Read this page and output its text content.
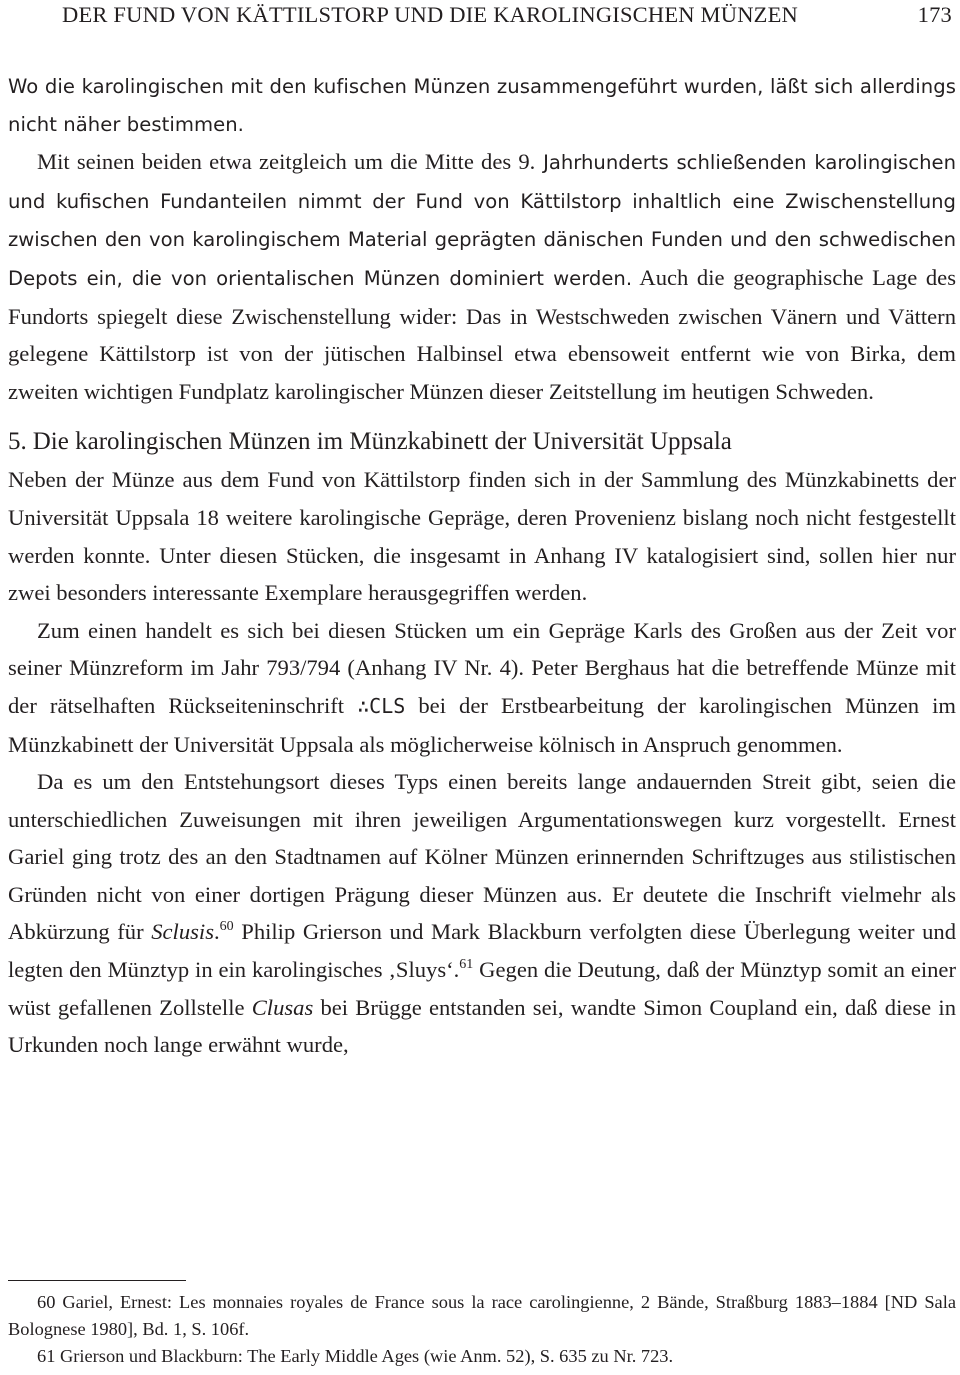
DER FUND VON KÄTTILSTORP UND DIE KAROLINGISCHEN MÜNZEN	173

Wo die karolingischen mit den kufischen Münzen zusammengeführt wurden, läßt sich allerdings nicht näher bestimmen.

Mit seinen beiden etwa zeitgleich um die Mitte des 9. Jahrhunderts schließenden karolingischen und kufischen Fundanteilen nimmt der Fund von Kättilstorp inhaltlich eine Zwischenstellung zwischen den von karolingischem Material geprägten dänischen Funden und den schwedischen Depots ein, die von orientalischen Münzen dominiert werden. Auch die geographische Lage des Fundorts spiegelt diese Zwischenstellung wider: Das in Westschweden zwischen Vänern und Vättern gelegene Kättilstorp ist von der jütischen Halbinsel etwa ebensoweit entfernt wie von Birka, dem zweiten wichtigen Fundplatz karolingischer Münzen dieser Zeitstellung im heutigen Schweden.

5. Die karolingischen Münzen im Münzkabinett der Universität Uppsala

Neben der Münze aus dem Fund von Kättilstorp finden sich in der Sammlung des Münzkabinetts der Universität Uppsala 18 weitere karolingische Gepräge, deren Provenienz bislang noch nicht festgestellt werden konnte. Unter diesen Stücken, die insgesamt in Anhang IV katalogisiert sind, sollen hier nur zwei besonders interessante Exemplare herausgegriffen werden.

Zum einen handelt es sich bei diesen Stücken um ein Gepräge Karls des Großen aus der Zeit vor seiner Münzreform im Jahr 793/794 (Anhang IV Nr. 4). Peter Berghaus hat die betreffende Münze mit der rätselhaften Rückseiteninschrift ∴CLS bei der Erstbearbeitung der karolingischen Münzen im Münzkabinett der Universität Uppsala als möglicherweise kölnisch in Anspruch genommen.

Da es um den Entstehungsort dieses Typs einen bereits lange andauernden Streit gibt, seien die unterschiedlichen Zuweisungen mit ihren jeweiligen Argumentationswegen kurz vorgestellt. Ernest Gariel ging trotz des an den Stadtnamen auf Kölner Münzen erinnernden Schriftzuges aus stilistischen Gründen nicht von einer dortigen Prägung dieser Münzen aus. Er deutete die Inschrift vielmehr als Abkürzung für Sclusis.$^{60}$ Philip Grierson und Mark Blackburn verfolgten diese Überlegung weiter und legten den Münztyp in ein karolingisches ‚Sluys‘.$^{61}$ Gegen die Deutung, daß der Münztyp somit an einer wüst gefallenen Zollstelle Clusas bei Brügge entstanden sei, wandte Simon Coupland ein, daß diese in Urkunden noch lange erwähnt wurde,

60 Gariel, Ernest: Les monnaies royales de France sous la race carolingienne, 2 Bände, Straßburg 1883–1884 [ND Sala Bolognese 1980], Bd. 1, S. 106f.

61 Grierson und Blackburn: The Early Middle Ages (wie Anm. 52), S. 635 zu Nr. 723.
